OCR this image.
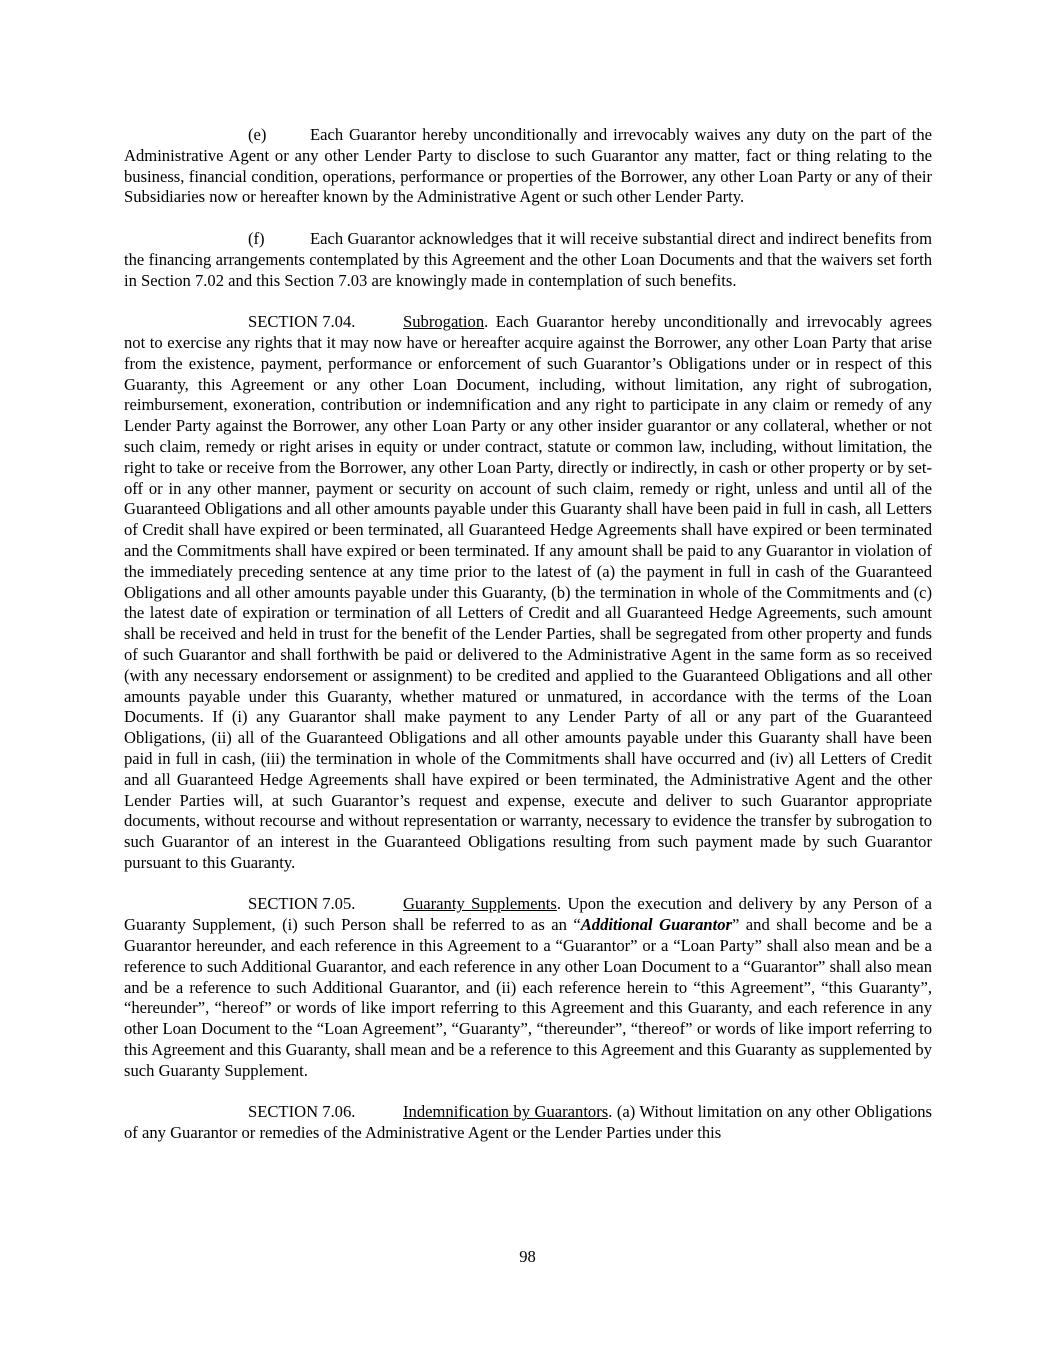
(e)	Each Guarantor hereby unconditionally and irrevocably waives any duty on the part of the Administrative Agent or any other Lender Party to disclose to such Guarantor any matter, fact or thing relating to the business, financial condition, operations, performance or properties of the Borrower, any other Loan Party or any of their Subsidiaries now or hereafter known by the Administrative Agent or such other Lender Party.

(f)	Each Guarantor acknowledges that it will receive substantial direct and indirect benefits from the financing arrangements contemplated by this Agreement and the other Loan Documents and that the waivers set forth in Section 7.02 and this Section 7.03 are knowingly made in contemplation of such benefits.

SECTION 7.04.	Subrogation. Each Guarantor hereby unconditionally and irrevocably agrees not to exercise any rights that it may now have or hereafter acquire against the Borrower, any other Loan Party that arise from the existence, payment, performance or enforcement of such Guarantor’s Obligations under or in respect of this Guaranty, this Agreement or any other Loan Document, including, without limitation, any right of subrogation, reimbursement, exoneration, contribution or indemnification and any right to participate in any claim or remedy of any Lender Party against the Borrower, any other Loan Party or any other insider guarantor or any collateral, whether or not such claim, remedy or right arises in equity or under contract, statute or common law, including, without limitation, the right to take or receive from the Borrower, any other Loan Party, directly or indirectly, in cash or other property or by set-off or in any other manner, payment or security on account of such claim, remedy or right, unless and until all of the Guaranteed Obligations and all other amounts payable under this Guaranty shall have been paid in full in cash, all Letters of Credit shall have expired or been terminated, all Guaranteed Hedge Agreements shall have expired or been terminated and the Commitments shall have expired or been terminated. If any amount shall be paid to any Guarantor in violation of the immediately preceding sentence at any time prior to the latest of (a) the payment in full in cash of the Guaranteed Obligations and all other amounts payable under this Guaranty, (b) the termination in whole of the Commitments and (c) the latest date of expiration or termination of all Letters of Credit and all Guaranteed Hedge Agreements, such amount shall be received and held in trust for the benefit of the Lender Parties, shall be segregated from other property and funds of such Guarantor and shall forthwith be paid or delivered to the Administrative Agent in the same form as so received (with any necessary endorsement or assignment) to be credited and applied to the Guaranteed Obligations and all other amounts payable under this Guaranty, whether matured or unmatured, in accordance with the terms of the Loan Documents. If (i) any Guarantor shall make payment to any Lender Party of all or any part of the Guaranteed Obligations, (ii) all of the Guaranteed Obligations and all other amounts payable under this Guaranty shall have been paid in full in cash, (iii) the termination in whole of the Commitments shall have occurred and (iv) all Letters of Credit and all Guaranteed Hedge Agreements shall have expired or been terminated, the Administrative Agent and the other Lender Parties will, at such Guarantor’s request and expense, execute and deliver to such Guarantor appropriate documents, without recourse and without representation or warranty, necessary to evidence the transfer by subrogation to such Guarantor of an interest in the Guaranteed Obligations resulting from such payment made by such Guarantor pursuant to this Guaranty.

SECTION 7.05.	Guaranty Supplements. Upon the execution and delivery by any Person of a Guaranty Supplement, (i) such Person shall be referred to as an “Additional Guarantor” and shall become and be a Guarantor hereunder, and each reference in this Agreement to a “Guarantor” or a “Loan Party” shall also mean and be a reference to such Additional Guarantor, and each reference in any other Loan Document to a “Guarantor” shall also mean and be a reference to such Additional Guarantor, and (ii) each reference herein to “this Agreement”, “this Guaranty”, “hereunder”, “hereof” or words of like import referring to this Agreement and this Guaranty, and each reference in any other Loan Document to the “Loan Agreement”, “Guaranty”, “thereunder”, “thereof” or words of like import referring to this Agreement and this Guaranty, shall mean and be a reference to this Agreement and this Guaranty as supplemented by such Guaranty Supplement.

SECTION 7.06.	Indemnification by Guarantors. (a) Without limitation on any other Obligations of any Guarantor or remedies of the Administrative Agent or the Lender Parties under this

98
